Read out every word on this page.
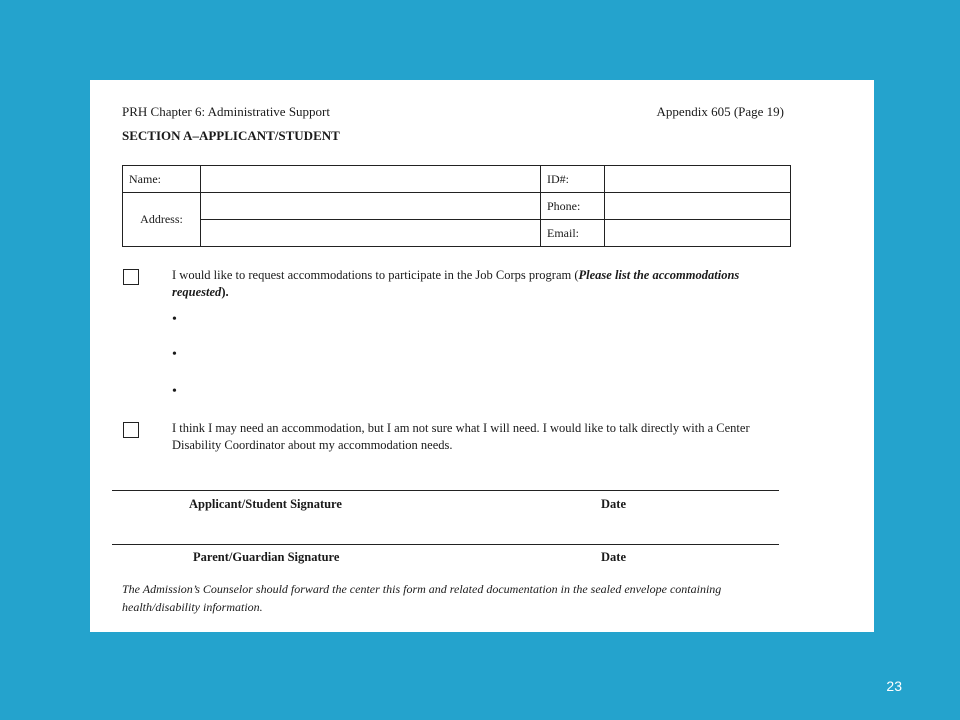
PRH Chapter 6: Administrative Support	Appendix 605 (Page 19)
SECTION A–APPLICANT/STUDENT
Name:		ID#:	
Address:		Phone:	
		Email:	
I would like to request accommodations to participate in the Job Corps program (Please list the accommodations requested).
•
•
•
I think I may need an accommodation, but I am not sure what I will need. I would like to talk directly with a Center Disability Coordinator about my accommodation needs.
Applicant/Student Signature	Date
Parent/Guardian Signature	Date
The Admission’s Counselor should forward the center this form and related documentation in the sealed envelope containing health/disability information.
23
